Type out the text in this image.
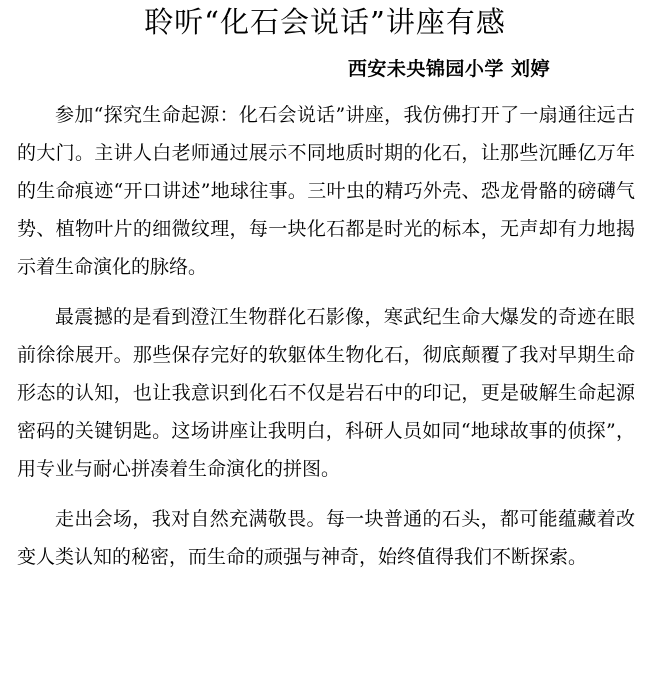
聆听“化石会说话”讲座有感
西安未央锦园小学 刘婷

参加“探究生命起源：化石会说话”讲座，我仿佛打开了一扇通往远古的大门。主讲人白老师通过展示不同地质时期的化石，让那些沉睡亿万年的生命痕迹“开口讲述”地球往事。三叶虫的精巧外壳、恐龙骨骼的磅礴气势、植物叶片的细微纹理，每一块化石都是时光的标本，无声却有力地揭示着生命演化的脉络。

最震撼的是看到澄江生物群化石影像，寒武纪生命大爆发的奇迹在眼前徐徐展开。那些保存完好的软躯体生物化石，彻底颠覆了我对早期生命形态的认知，也让我意识到化石不仅是岩石中的印记，更是破解生命起源密码的关键钥匙。这场讲座让我明白，科研人员如同“地球故事的侦探”，用专业与耐心拼凑着生命演化的拼图。

走出会场，我对自然充满敬畏。每一块普通的石头，都可能蕴藏着改变人类认知的秘密，而生命的顽强与神奇，始终值得我们不断探索。
